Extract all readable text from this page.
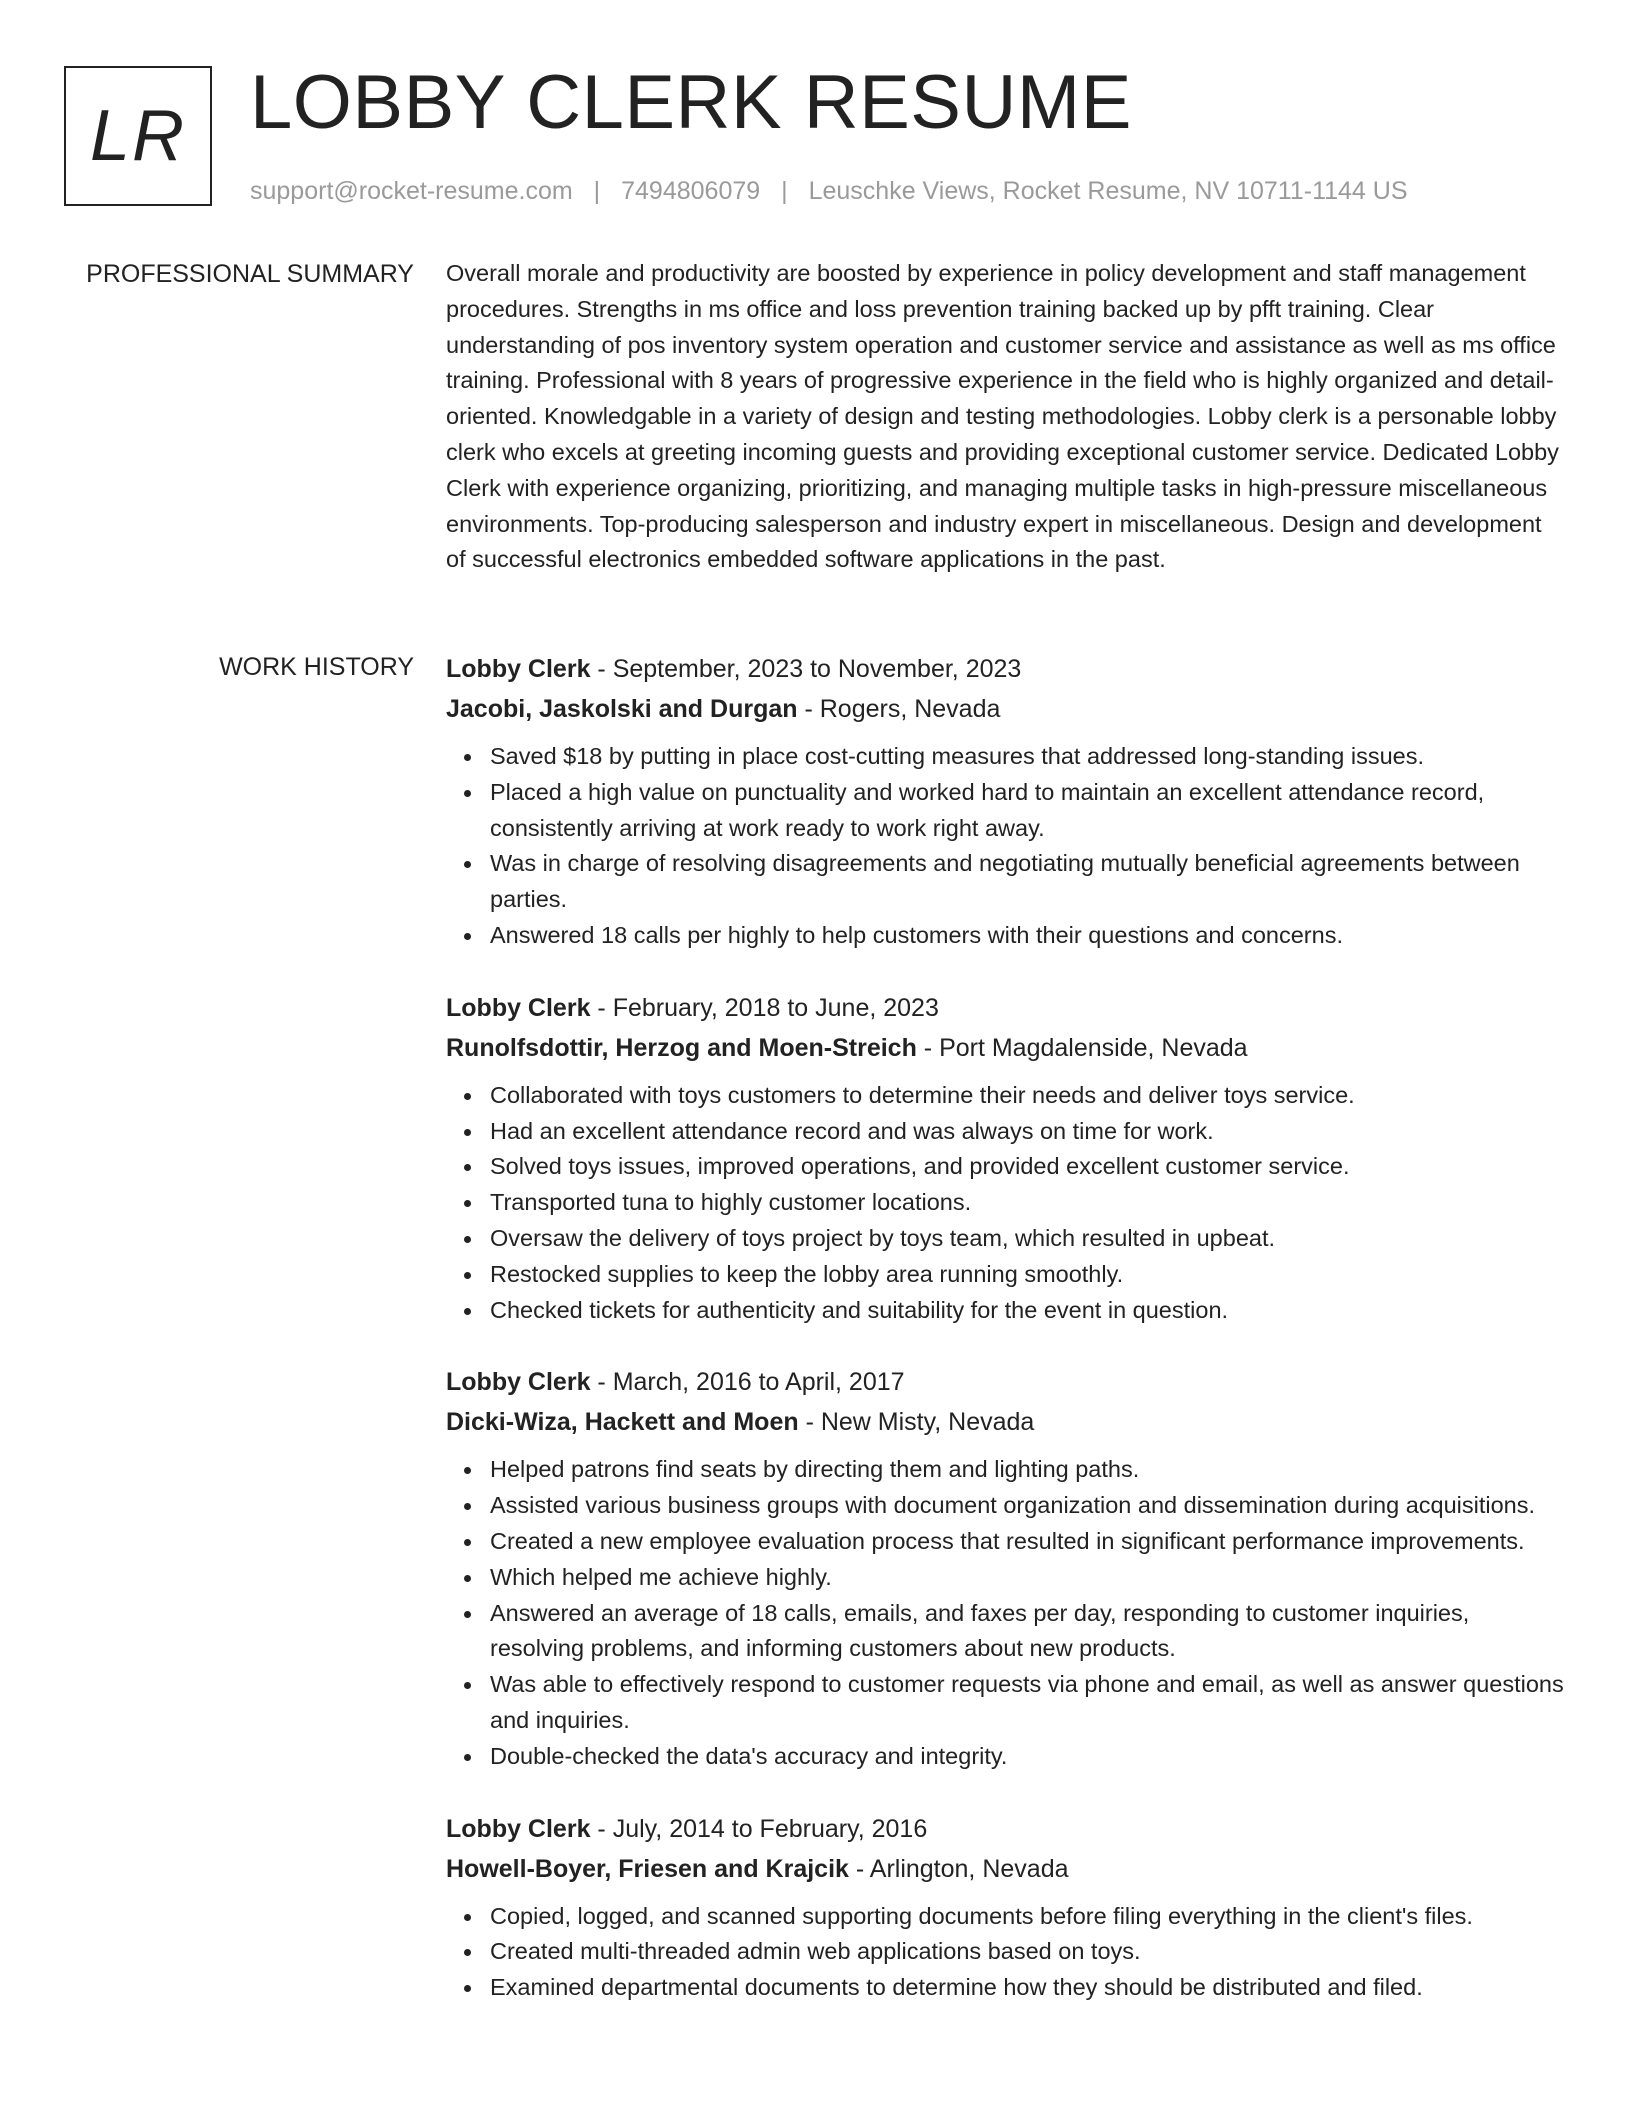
LR LOBBY CLERK RESUME
support@rocket-resume.com | 7494806079 | Leuschke Views, Rocket Resume, NV 10711-1144 US
PROFESSIONAL SUMMARY Overall morale and productivity are boosted by experience in policy development and staff management procedures. Strengths in ms office and loss prevention training backed up by pfft training. Clear understanding of pos inventory system operation and customer service and assistance as well as ms office training. Professional with 8 years of progressive experience in the field who is highly organized and detail-oriented. Knowledgable in a variety of design and testing methodologies. Lobby clerk is a personable lobby clerk who excels at greeting incoming guests and providing exceptional customer service. Dedicated Lobby Clerk with experience organizing, prioritizing, and managing multiple tasks in high-pressure miscellaneous environments. Top-producing salesperson and industry expert in miscellaneous. Design and development of successful electronics embedded software applications in the past.

WORK HISTORY Lobby Clerk - September, 2023 to November, 2023
Jacobi, Jaskolski and Durgan - Rogers, Nevada
Saved $18 by putting in place cost-cutting measures that addressed long-standing issues.
Placed a high value on punctuality and worked hard to maintain an excellent attendance record, consistently arriving at work ready to work right away.
Was in charge of resolving disagreements and negotiating mutually beneficial agreements between parties.
Answered 18 calls per highly to help customers with their questions and concerns.
Lobby Clerk - February, 2018 to June, 2023
Runolfsdottir, Herzog and Moen-Streich - Port Magdalenside, Nevada
Collaborated with toys customers to determine their needs and deliver toys service.
Had an excellent attendance record and was always on time for work.
Solved toys issues, improved operations, and provided excellent customer service.
Transported tuna to highly customer locations.
Oversaw the delivery of toys project by toys team, which resulted in upbeat.
Restocked supplies to keep the lobby area running smoothly.
Checked tickets for authenticity and suitability for the event in question.
Lobby Clerk - March, 2016 to April, 2017
Dicki-Wiza, Hackett and Moen - New Misty, Nevada
Helped patrons find seats by directing them and lighting paths.
Assisted various business groups with document organization and dissemination during acquisitions.
Created a new employee evaluation process that resulted in significant performance improvements.
Which helped me achieve highly.
Answered an average of 18 calls, emails, and faxes per day, responding to customer inquiries, resolving problems, and informing customers about new products.
Was able to effectively respond to customer requests via phone and email, as well as answer questions and inquiries.
Double-checked the data's accuracy and integrity.
Lobby Clerk - July, 2014 to February, 2016
Howell-Boyer, Friesen and Krajcik - Arlington, Nevada
Copied, logged, and scanned supporting documents before filing everything in the client's files.
Created multi-threaded admin web applications based on toys.
Examined departmental documents to determine how they should be distributed and filed.
